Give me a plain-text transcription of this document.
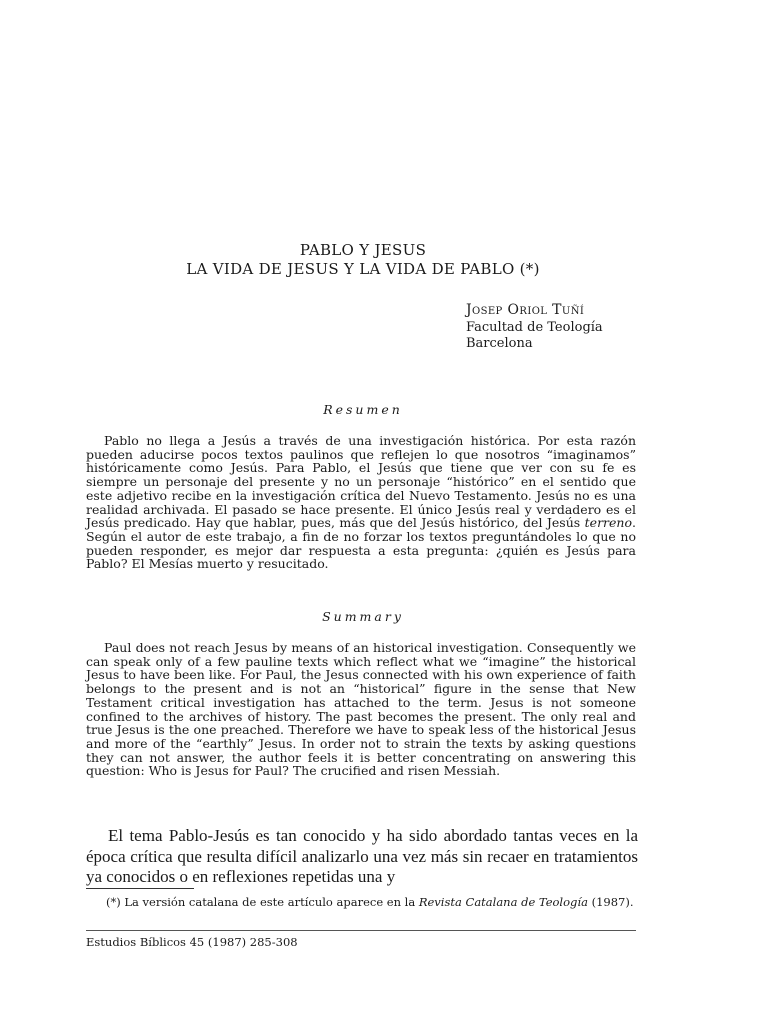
PABLO Y JESUS

LA VIDA DE JESUS Y LA VIDA DE PABLO (*)

Josep Oriol Tuñí
Facultad de Teología
Barcelona
Resumen

Pablo no llega a Jesús a través de una investigación histórica. Por esta razón pueden aducirse pocos textos paulinos que reflejen lo que nosotros “imaginamos” históricamente como Jesús. Para Pablo, el Jesús que tiene que ver con su fe es siempre un personaje del presente y no un personaje “histórico” en el sentido que este adjetivo recibe en la investigación crítica del Nuevo Testamento. Jesús no es una realidad archivada. El pasado se hace presente. El único Jesús real y verdadero es el Jesús predicado. Hay que hablar, pues, más que del Jesús histórico, del Jesús terreno. Según el autor de este trabajo, a fin de no forzar los textos preguntándoles lo que no pueden responder, es mejor dar respuesta a esta pregunta: ¿quién es Jesús para Pablo? El Mesías muerto y resucitado.

Summary

Paul does not reach Jesus by means of an historical investigation. Consequently we can speak only of a few pauline texts which reflect what we “imagine” the historical Jesus to have been like. For Paul, the Jesus connected with his own experience of faith belongs to the present and is not an “historical” figure in the sense that New Testament critical investigation has attached to the term. Jesus is not someone confined to the archives of history. The past becomes the present. The only real and true Jesus is the one preached. Therefore we have to speak less of the historical Jesus and more of the “earthly” Jesus. In order not to strain the texts by asking questions they can not answer, the author feels it is better concentrating on answering this question: Who is Jesus for Paul? The crucified and risen Messiah.

El tema Pablo-Jesús es tan conocido y ha sido abordado tantas veces en la época crítica que resulta difícil analizarlo una vez más sin recaer en tratamientos ya conocidos o en reflexiones repetidas una y

(*) La versión catalana de este artículo aparece en la Revista Catalana de Teología (1987).

Estudios Bíblicos 45 (1987) 285-308
